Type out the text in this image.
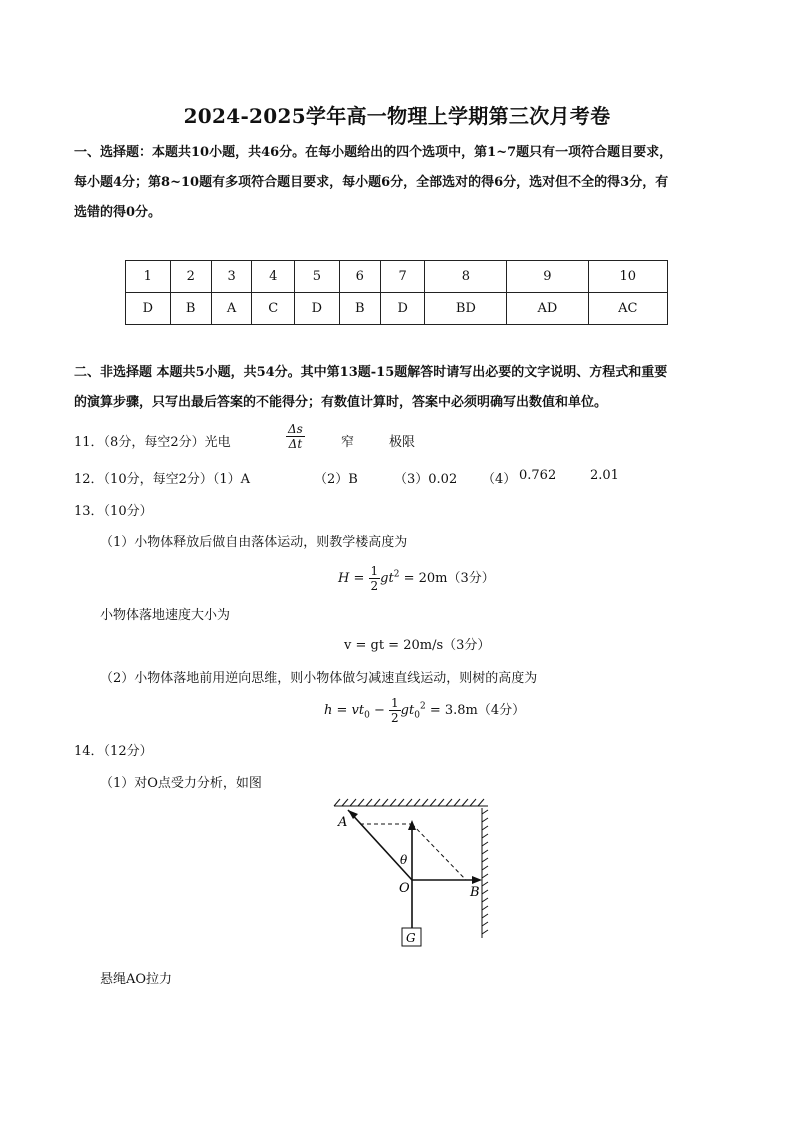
2024-2025学年高一物理上学期第三次月考卷
一、选择题：本题共10小题，共46分。在每小题给出的四个选项中，第1~7题只有一项符合题目要求，
每小题4分；第8~10题有多项符合题目要求，每小题6分，全部选对的得6分，选对但不全的得3分，有
选错的得0分。
1	2	3	4	5	6	7	8	9	10
D	B	A	C	D	B	D	BD	AD	AC
二、非选择题 本题共5小题，共54分。其中第13题-15题解答时请写出必要的文字说明、方程式和重要
的演算步骤，只写出最后答案的不能得分；有数值计算时，答案中必须明确写出数值和单位。
11．（8分，每空2分）光电	$\frac{\Delta s}{\Delta t}$	窄	极限
12．（10分，每空2分）（1）A	（2）B	（3）0.02 （4） 0.762	2.01
13．（10分）
（1）小物体释放后做自由落体运动，则教学楼高度为
$H = \frac{1}{2} gt^2 = 20m(3$分）
小物体落地速度大小为
v = gt = 20m/s（3分）
（2）小物体落地前用逆向思维，则小物体做匀减速直线运动，则树的高度为
$h = vt_0 - \frac{1}{2} gt_0^2 = 3.8m(4$分）
14．（12分）
（1）对O点受力分析，如图
A
B
O
G
θ
悬绳AO拉力
